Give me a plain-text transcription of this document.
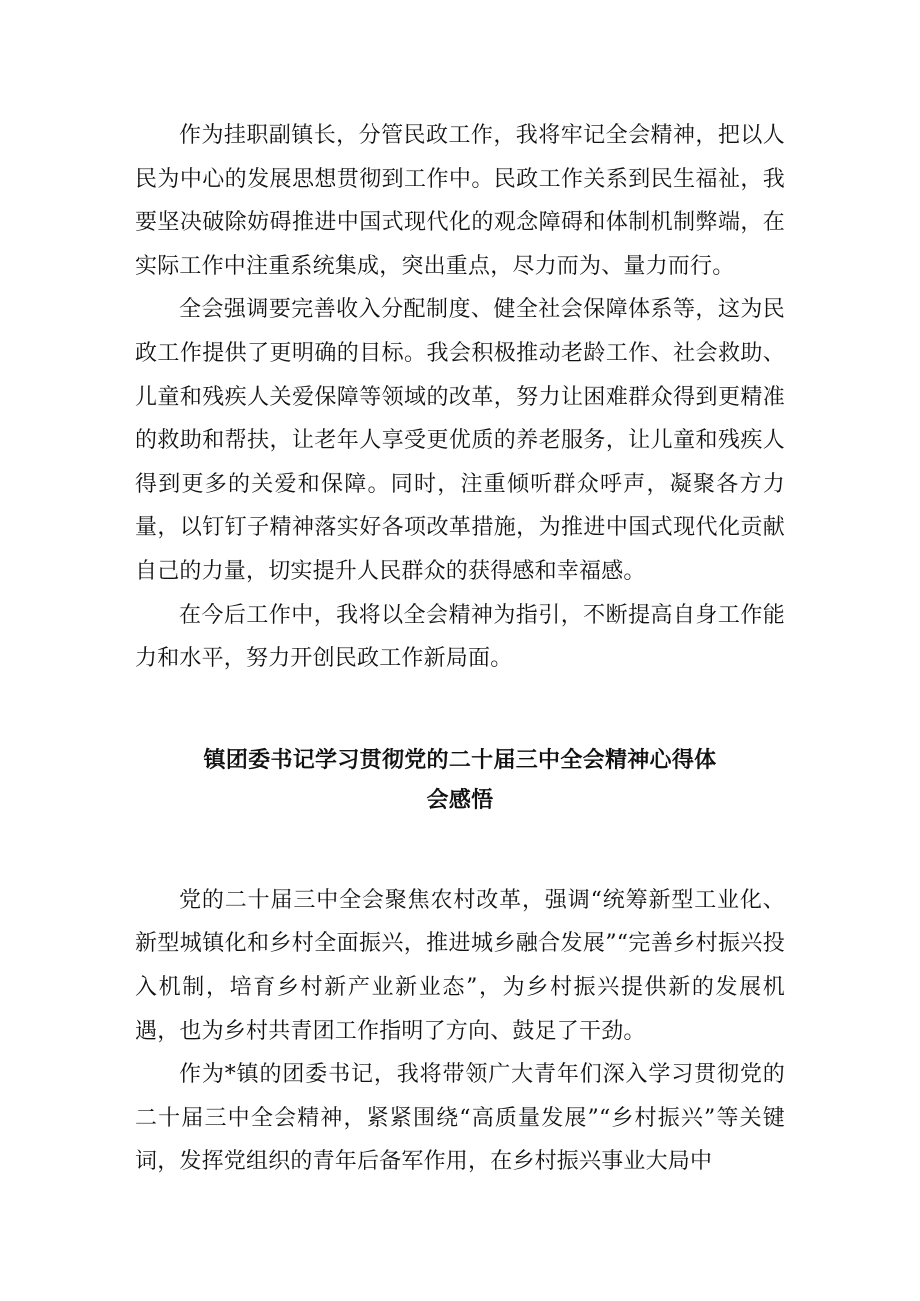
作为挂职副镇长，分管民政工作，我将牢记全会精神，把以人民为中心的发展思想贯彻到工作中。民政工作关系到民生福祉，我要坚决破除妨碍推进中国式现代化的观念障碍和体制机制弊端，在实际工作中注重系统集成，突出重点，尽力而为、量力而行。

全会强调要完善收入分配制度、健全社会保障体系等，这为民政工作提供了更明确的目标。我会积极推动老龄工作、社会救助、儿童和残疾人关爱保障等领域的改革，努力让困难群众得到更精准的救助和帮扶，让老年人享受更优质的养老服务，让儿童和残疾人得到更多的关爱和保障。同时，注重倾听群众呼声，凝聚各方力量，以钉钉子精神落实好各项改革措施，为推进中国式现代化贡献自己的力量，切实提升人民群众的获得感和幸福感。

在今后工作中，我将以全会精神为指引，不断提高自身工作能力和水平，努力开创民政工作新局面。

镇团委书记学习贯彻党的二十届三中全会精神心得体

会感悟

党的二十届三中全会聚焦农村改革，强调“统筹新型工业化、新型城镇化和乡村全面振兴，推进城乡融合发展”“完善乡村振兴投入机制，培育乡村新产业新业态”，为乡村振兴提供新的发展机遇，也为乡村共青团工作指明了方向、鼓足了干劲。

作为*镇的团委书记，我将带领广大青年们深入学习贯彻党的二十届三中全会精神，紧紧围绕“高质量发展”“乡村振兴”等关键词，发挥党组织的青年后备军作用，在乡村振兴事业大局中
